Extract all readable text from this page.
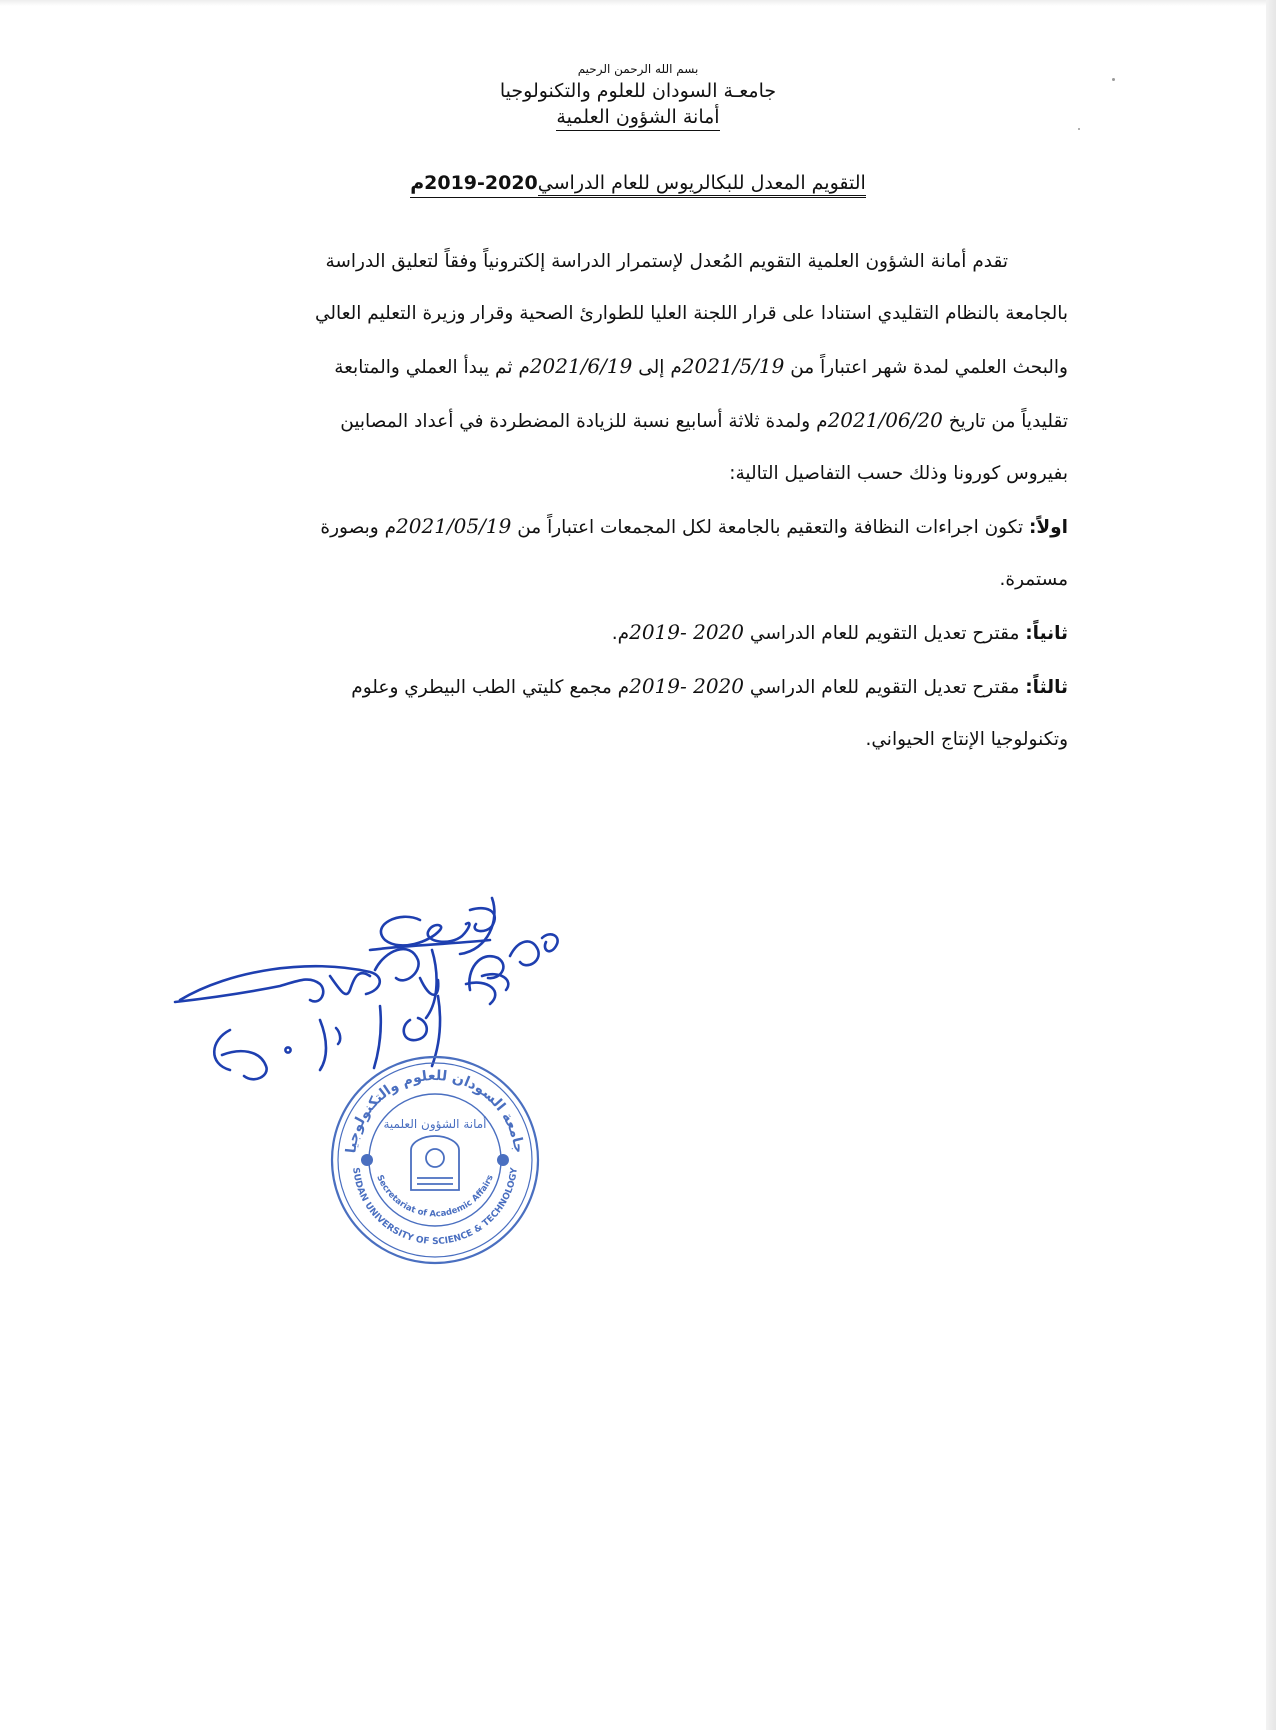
بسم الله الرحمن الرحيم
جامعـة السودان للعلوم والتكنولوجيا
أمانة الشؤون العلمية
التقويم المعدل للبكالريوس للعام الدراسي2019-2020م

تقدم أمانة الشؤون العلمية التقويم المُعدل لإستمرار الدراسة إلكترونياً وفقاً لتعليق الدراسة

بالجامعة بالنظام التقليدي استنادا على قرار اللجنة العليا للطوارئ الصحية وقرار وزيرة التعليم العالي

والبحث العلمي لمدة شهر اعتباراً من 2021/5/19م إلى 2021/6/19م ثم يبدأ العملي والمتابعة

تقليدياً من تاريخ 2021/06/20م ولمدة ثلاثة أسابيع نسبة للزيادة المضطردة في أعداد المصابين

بفيروس كورونا وذلك حسب التفاصيل التالية:

اولاً: تكون اجراءات النظافة والتعقيم بالجامعة لكل المجمعات اعتباراً من 2021/05/19م وبصورة

مستمرة.

ثانياً: مقترح تعديل التقويم للعام الدراسي 2019- 2020م.

ثالثاً: مقترح تعديل التقويم للعام الدراسي 2019- 2020م مجمع كليتي الطب البيطري وعلوم

وتكنولوجيا الإنتاج الحيواني.

جامعة السودان للعلوم والتكنولوجيا
أمانة الشؤون العلمية
Secretariat of Academic Affairs
SUDAN UNIVERSITY OF SCIENCE & TECHNOLOGY
